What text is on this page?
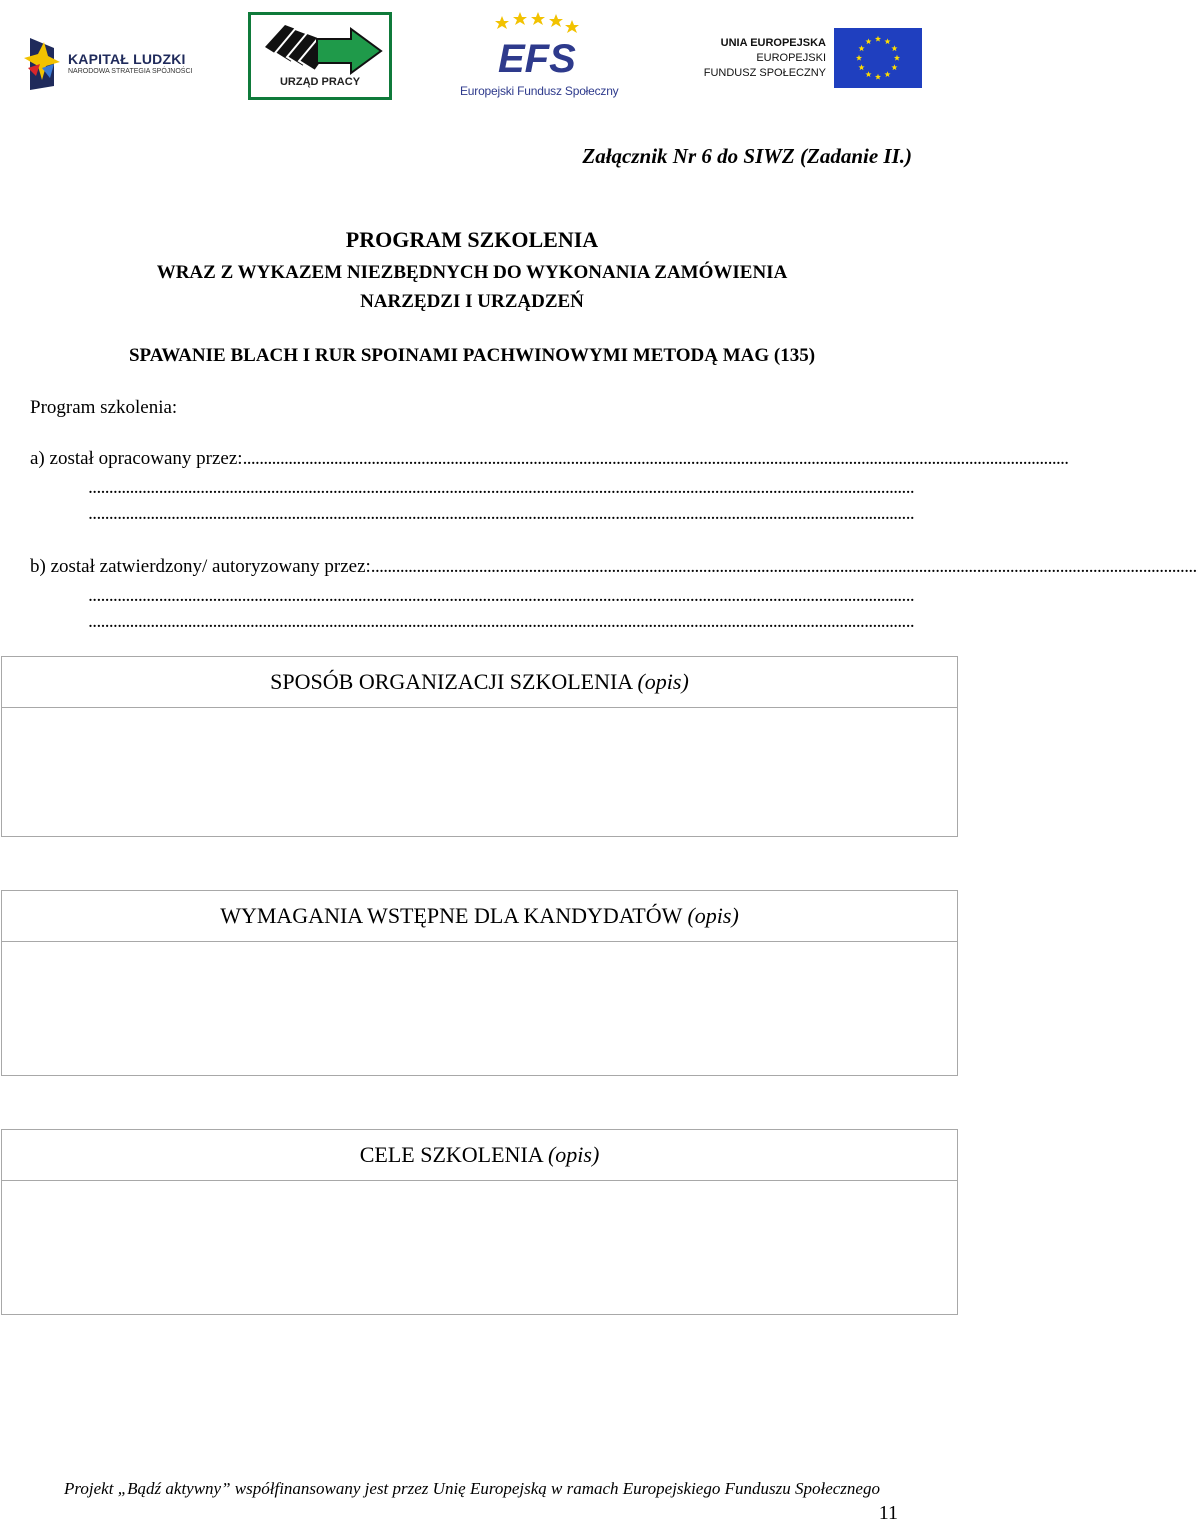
KAPITAŁ LUDZKI
NARODOWA STRATEGIA SPÓJNOŚCI
URZĄD PRACY
EFS
Europejski Fundusz Społeczny
UNIA EUROPEJSKA
EUROPEJSKI
FUNDUSZ SPOŁECZNY
Załącznik Nr 6 do SIWZ (Zadanie II.)
PROGRAM SZKOLENIA
WRAZ Z WYKAZEM NIEZBĘDNYCH DO WYKONANIA ZAMÓWIENIA
NARZĘDZI I URZĄDZEŃ
SPAWANIE BLACH I RUR SPOINAMI PACHWINOWYMI METODĄ MAG (135)
Program szkolenia:
a) został opracowany przez: .......................................................................................................................................................................................................
.......................................................................................................................................................................................................
.......................................................................................................................................................................................................
b) został zatwierdzony/ autoryzowany przez: .......................................................................................................................................................................................................
.......................................................................................................................................................................................................
.......................................................................................................................................................................................................
SPOSÓB ORGANIZACJI SZKOLENIA (opis)
WYMAGANIA WSTĘPNE DLA KANDYDATÓW (opis)
CELE SZKOLENIA (opis)
Projekt „Bądź aktywny” współfinansowany jest przez Unię Europejską w ramach Europejskiego Funduszu Społecznego
11
